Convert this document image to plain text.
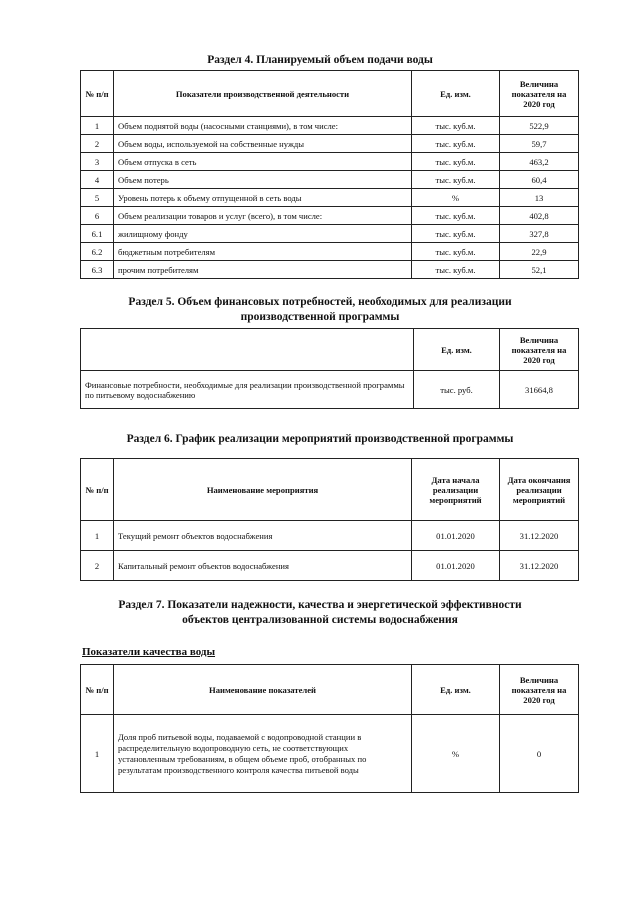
Раздел 4. Планируемый объем подачи воды
№ п/п	Показатели производственной деятельности	Ед. изм.	Величина показателя на 2020 год
1	Объем поднятой воды (насосными станциями), в том числе:	тыс. куб.м.	522,9
2	Объем воды, используемой на собственные нужды	тыс. куб.м.	59,7
3	Объем отпуска в сеть	тыс. куб.м.	463,2
4	Объем потерь	тыс. куб.м.	60,4
5	Уровень потерь к объему отпущенной в сеть воды	%	13
6	Объем реализации товаров и услуг (всего), в том числе:	тыс. куб.м.	402,8
6.1	жилищному фонду	тыс. куб.м.	327,8
6.2	бюджетным потребителям	тыс. куб.м.	22,9
6.3	прочим потребителям	тыс. куб.м.	52,1
Раздел 5. Объем финансовых потребностей, необходимых для реализации
производственной программы
	Ед. изм.	Величина показателя на 2020 год
Финансовые потребности, необходимые для реализации производственной программы по питьевому водоснабжению	тыс. руб.	31664,8
Раздел 6. График реализации мероприятий производственной программы
№ п/п	Наименование мероприятия	Дата начала реализации мероприятий	Дата окончания реализации мероприятий
1	Текущий ремонт объектов водоснабжения	01.01.2020	31.12.2020
2	Капитальный ремонт объектов водоснабжения	01.01.2020	31.12.2020
Раздел 7. Показатели надежности, качества и энергетической эффективности
объектов централизованной системы водоснабжения
Показатели качества воды
№ п/п	Наименование показателей	Ед. изм.	Величина показателя на 2020 год
1	Доля проб питьевой воды, подаваемой с водопроводной станции в распределительную водопроводную сеть, не соответствующих установленным требованиям, в общем объеме проб, отобранных по результатам производственного контроля качества питьевой воды	%	0
